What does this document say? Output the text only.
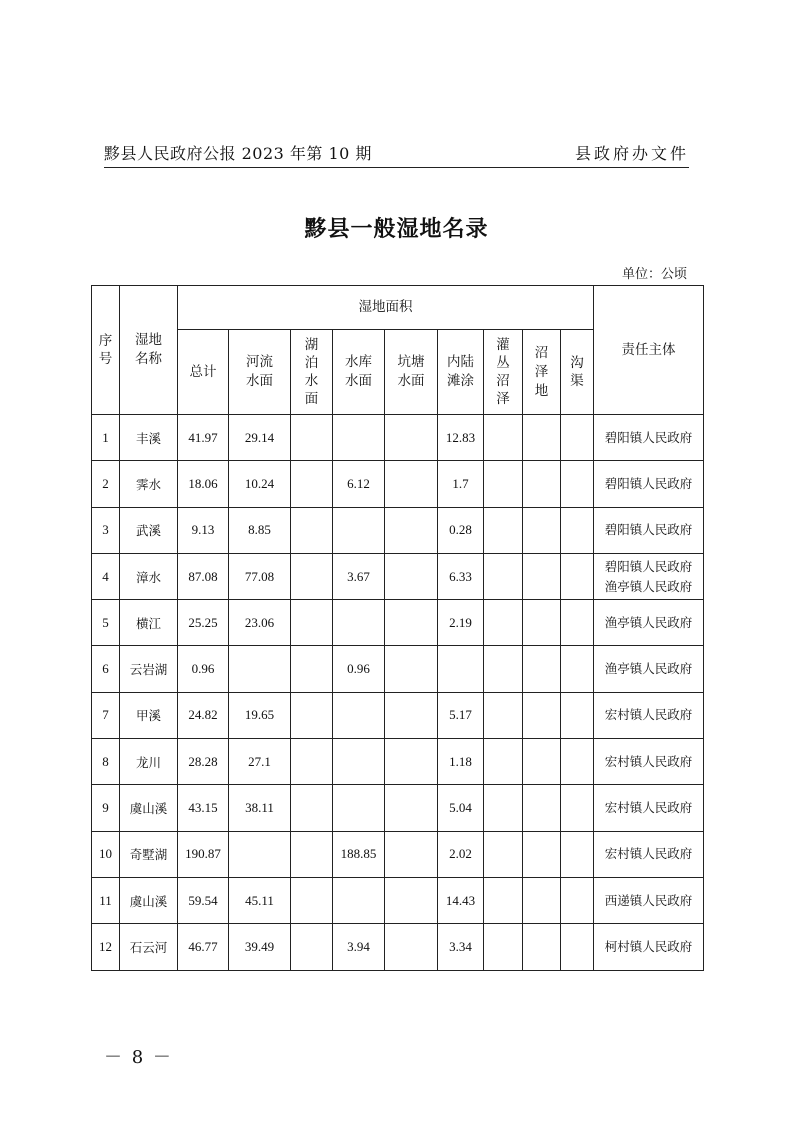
黟县人民政府公报 2023 年第 10 期	县政府办文件
黟县一般湿地名录
单位：公顷
序号	湿地名称	湿地面积									责任主体
		总计	河流水面	湖泊水面	水库水面	坑塘水面	内陆滩涂	灌丛沼泽	沼泽地	沟渠	
1	丰溪	41.97	29.14				12.83				碧阳镇人民政府

2	霁水	18.06	10.24		6.12		1.7				碧阳镇人民政府

3	武溪	9.13	8.85				0.28				碧阳镇人民政府

4	漳水	87.08	77.08		3.67		6.33				碧阳镇人民政府
渔亭镇人民政府

5	横江	25.25	23.06				2.19				渔亭镇人民政府

6	云岩湖	0.96			0.96						渔亭镇人民政府

7	甲溪	24.82	19.65				5.17				宏村镇人民政府

8	龙川	28.28	27.1				1.18				宏村镇人民政府

9	虞山溪	43.15	38.11				5.04				宏村镇人民政府

10	奇墅湖	190.87			188.85		2.02				宏村镇人民政府

11	虞山溪	59.54	45.11				14.43				西递镇人民政府

12	石云河	46.77	39.49		3.94		3.34				柯村镇人民政府
－ 8 －
